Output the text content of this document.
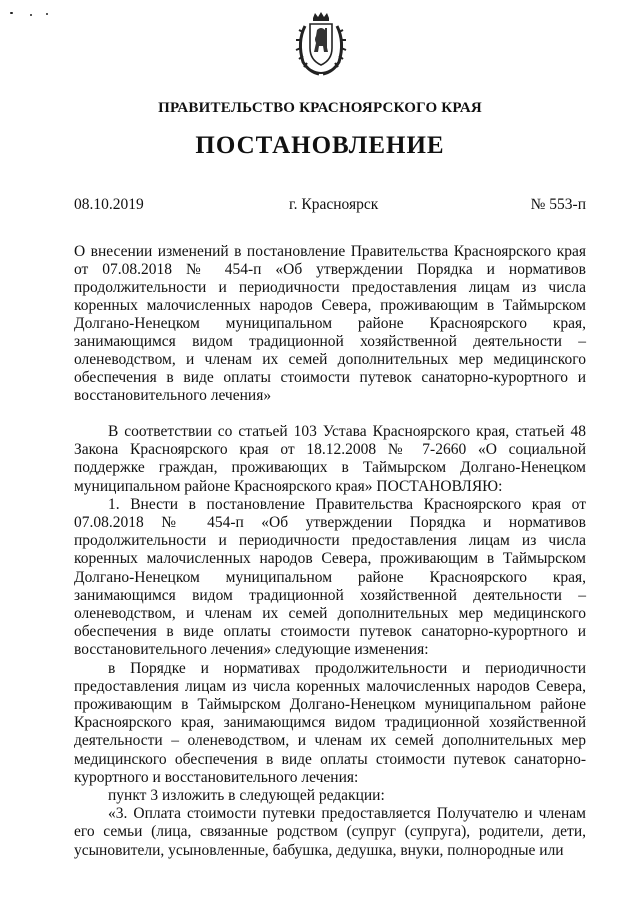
ПРАВИТЕЛЬСТВО КРАСНОЯРСКОГО КРАЯ
ПОСТАНОВЛЕНИЕ
08.10.2019	г. Красноярск	№ 553-п

О внесении изменений в постановление Правительства Красноярского края от 07.08.2018 № 454-п «Об утверждении Порядка и нормативов продолжительности и периодичности предоставления лицам из числа коренных малочисленных народов Севера, проживающим в Таймырском Долгано-Ненецком муниципальном районе Красноярского края, занимающимся видом традиционной хозяйственной деятельности – оленеводством, и членам их семей дополнительных мер медицинского обеспечения в виде оплаты стоимости путевок санаторно-курортного и восстановительного лечения»

В соответствии со статьей 103 Устава Красноярского края, статьей 48 Закона Красноярского края от 18.12.2008 № 7-2660 «О социальной поддержке граждан, проживающих в Таймырском Долгано-Ненецком муниципальном районе Красноярского края» ПОСТАНОВЛЯЮ:

1. Внести в постановление Правительства Красноярского края от 07.08.2018 № 454-п «Об утверждении Порядка и нормативов продолжительности и периодичности предоставления лицам из числа коренных малочисленных народов Севера, проживающим в Таймырском Долгано-Ненецком муниципальном районе Красноярского края, занимающимся видом традиционной хозяйственной деятельности – оленеводством, и членам их семей дополнительных мер медицинского обеспечения в виде оплаты стоимости путевок санаторно-курортного и восстановительного лечения» следующие изменения:

в Порядке и нормативах продолжительности и периодичности предоставления лицам из числа коренных малочисленных народов Севера, проживающим в Таймырском Долгано-Ненецком муниципальном районе Красноярского края, занимающимся видом традиционной хозяйственной деятельности – оленеводством, и членам их семей дополнительных мер медицинского обеспечения в виде оплаты стоимости путевок санаторно-курортного и восстановительного лечения:

пункт 3 изложить в следующей редакции:

«3. Оплата стоимости путевки предоставляется Получателю и членам его семьи (лица, связанные родством (супруг (супруга), родители, дети, усыновители, усыновленные, бабушка, дедушка, внуки, полнородные или
